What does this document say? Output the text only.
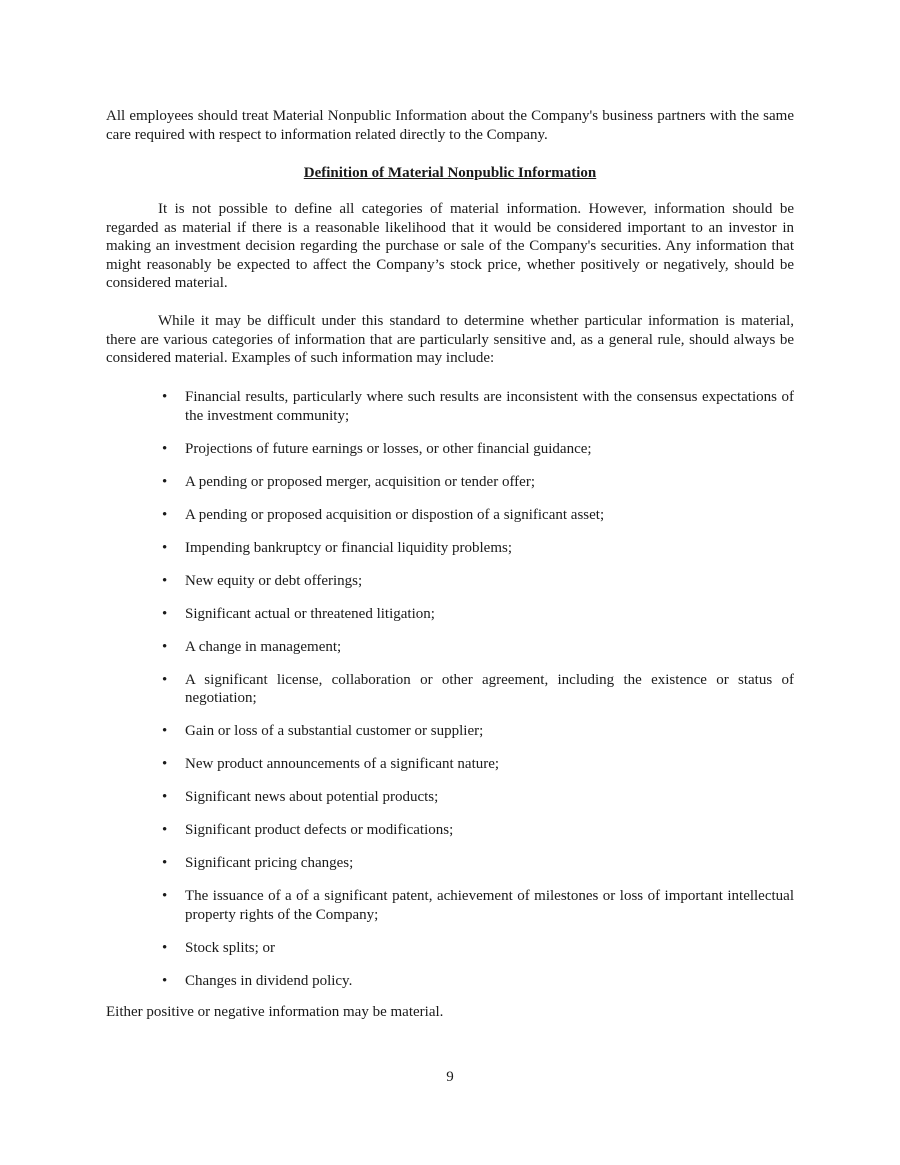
All employees should treat Material Nonpublic Information about the Company's business partners with the same care required with respect to information related directly to the Company.

Definition of Material Nonpublic Information

It is not possible to define all categories of material information. However, information should be regarded as material if there is a reasonable likelihood that it would be considered important to an investor in making an investment decision regarding the purchase or sale of the Company's securities. Any information that might reasonably be expected to affect the Company’s stock price, whether positively or negatively, should be considered material.

While it may be difficult under this standard to determine whether particular information is material, there are various categories of information that are particularly sensitive and, as a general rule, should always be considered material. Examples of such information may include:

•	Financial results, particularly where such results are inconsistent with the consensus expectations of the investment community;
•	Projections of future earnings or losses, or other financial guidance;
•	A pending or proposed merger, acquisition or tender offer;
•	A pending or proposed acquisition or dispostion of a significant asset;
•	Impending bankruptcy or financial liquidity problems;
•	New equity or debt offerings;
•	Significant actual or threatened litigation;
•	A change in management;
•	A significant license, collaboration or other agreement, including the existence or status of negotiation;
•	Gain or loss of a substantial customer or supplier;
•	New product announcements of a significant nature;
•	Significant news about potential products;
•	Significant product defects or modifications;
•	Significant pricing changes;
•	The issuance of a of a significant patent, achievement of milestones or loss of important intellectual property rights of the Company;
•	Stock splits; or
•	Changes in dividend policy.

Either positive or negative information may be material.

9
